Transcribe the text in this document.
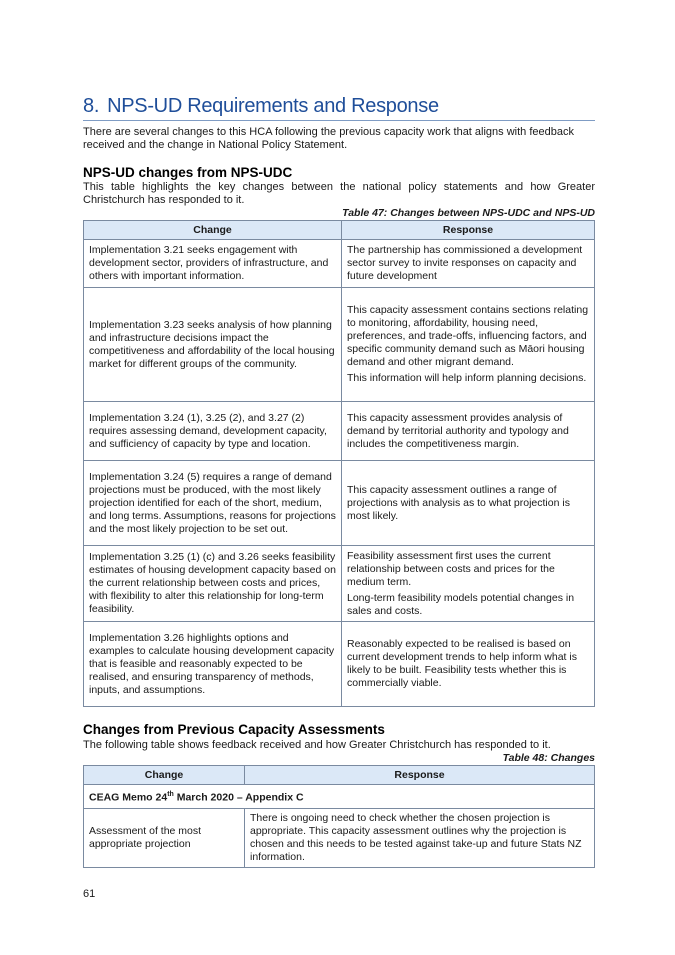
8. NPS-UD Requirements and Response
There are several changes to this HCA following the previous capacity work that aligns with feedback received and the change in National Policy Statement.
NPS-UD changes from NPS-UDC
This table highlights the key changes between the national policy statements and how Greater Christchurch has responded to it.
Table 47: Changes between NPS-UDC and NPS-UD
Change	Response
Implementation 3.21 seeks engagement with development sector, providers of infrastructure, and others with important information.	The partnership has commissioned a development sector survey to invite responses on capacity and future development

Implementation 3.23 seeks analysis of how planning and infrastructure decisions impact the competitiveness and affordability of the local housing market for different groups of the community.	This capacity assessment contains sections relating to monitoring, affordability, housing need, preferences, and trade-offs, influencing factors, and specific community demand such as Māori housing demand and other migrant demand.

This information will help inform planning decisions.

Implementation 3.24 (1), 3.25 (2), and 3.27 (2) requires assessing demand, development capacity, and sufficiency of capacity by type and location.	This capacity assessment provides analysis of demand by territorial authority and typology and includes the competitiveness margin.

Implementation 3.24 (5) requires a range of demand projections must be produced, with the most likely projection identified for each of the short, medium, and long terms. Assumptions, reasons for projections and the most likely projection to be set out.	This capacity assessment outlines a range of projections with analysis as to what projection is most likely.

Implementation 3.25 (1) (c) and 3.26 seeks feasibility estimates of housing development capacity based on the current relationship between costs and prices, with flexibility to alter this relationship for long-term feasibility.	Feasibility assessment first uses the current relationship between costs and prices for the medium term.

Long-term feasibility models potential changes in sales and costs.

Implementation 3.26 highlights options and examples to calculate housing development capacity that is feasible and reasonably expected to be realised, and ensuring transparency of methods, inputs, and assumptions.	Reasonably expected to be realised is based on current development trends to help inform what is likely to be built. Feasibility tests whether this is commercially viable.

Changes from Previous Capacity Assessments
The following table shows feedback received and how Greater Christchurch has responded to it.
Table 48: Changes
Change	Response
CEAG Memo 24th March 2020 – Appendix C	
Assessment of the most appropriate projection	There is ongoing need to check whether the chosen projection is appropriate. This capacity assessment outlines why the projection is chosen and this needs to be tested against take-up and future Stats NZ information.
61
